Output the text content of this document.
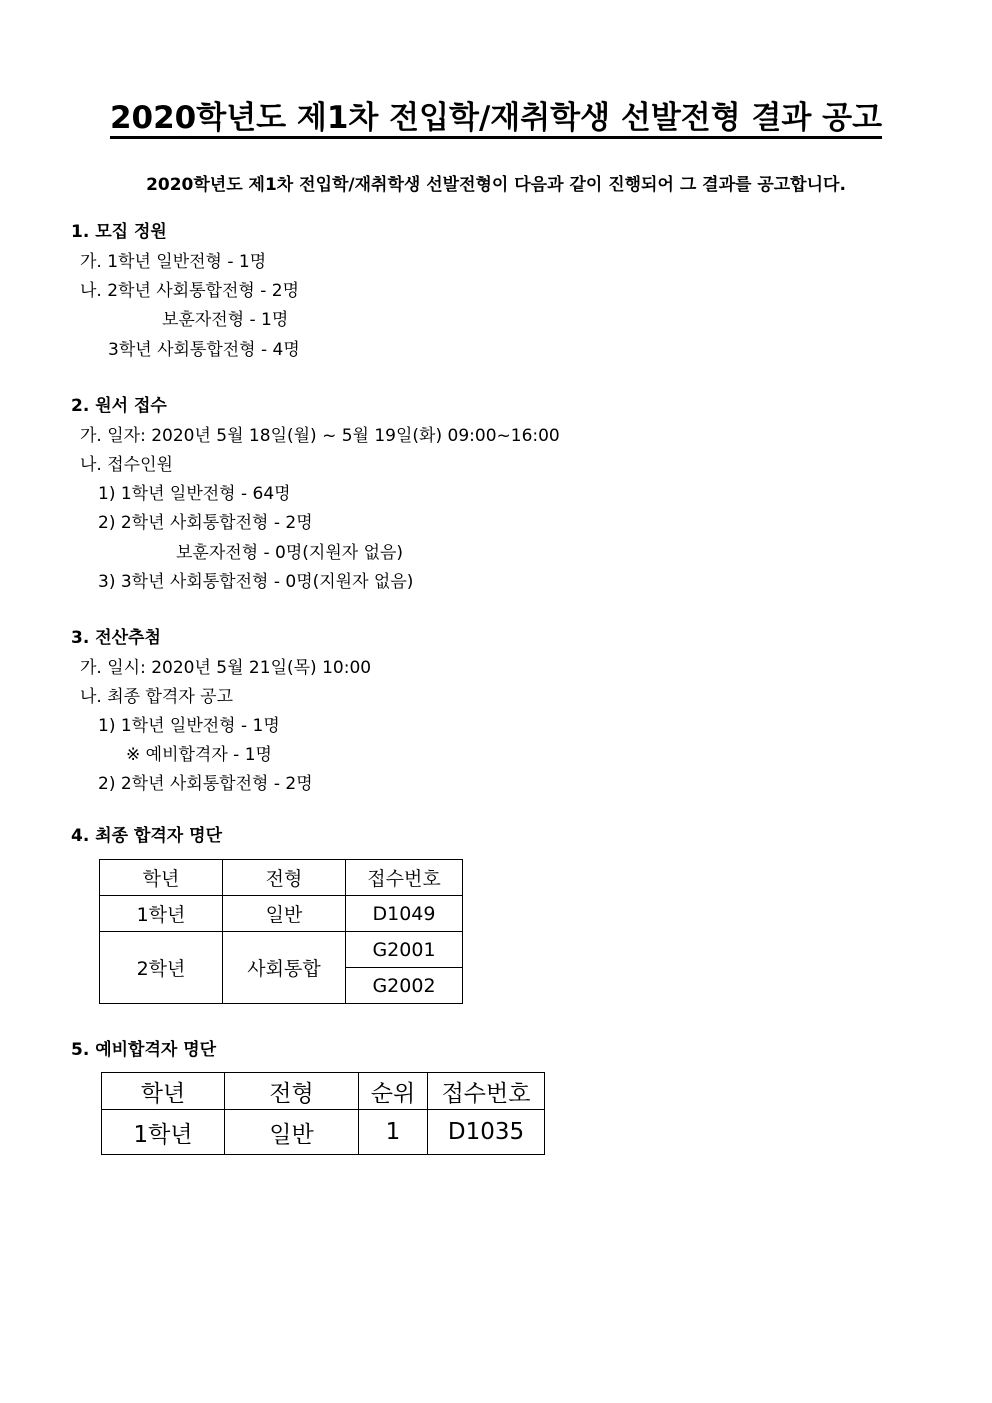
2020학년도 제1차 전입학/재취학생 선발전형 결과 공고
2020학년도 제1차 전입학/재취학생 선발전형이 다음과 같이 진행되어 그 결과를 공고합니다.
1. 모집 정원
가. 1학년 일반전형 - 1명
나. 2학년 사회통합전형 - 2명
보훈자전형 - 1명
3학년 사회통합전형 - 4명
2. 원서 접수
가. 일자: 2020년 5월 18일(월) ~ 5월 19일(화) 09:00~16:00
나. 접수인원
1) 1학년 일반전형 - 64명
2) 2학년 사회통합전형 - 2명
보훈자전형 - 0명(지원자 없음)
3) 3학년 사회통합전형 - 0명(지원자 없음)
3. 전산추첨
가. 일시: 2020년 5월 21일(목) 10:00
나. 최종 합격자 공고
1) 1학년 일반전형 - 1명
※ 예비합격자 - 1명
2) 2학년 사회통합전형 - 2명
4. 최종 합격자 명단
학년	전형	접수번호
1학년	일반	D1049
2학년	사회통합	G2001
		G2002
5. 예비합격자 명단
학년	전형	순위	접수번호
1학년	일반	1	D1035
